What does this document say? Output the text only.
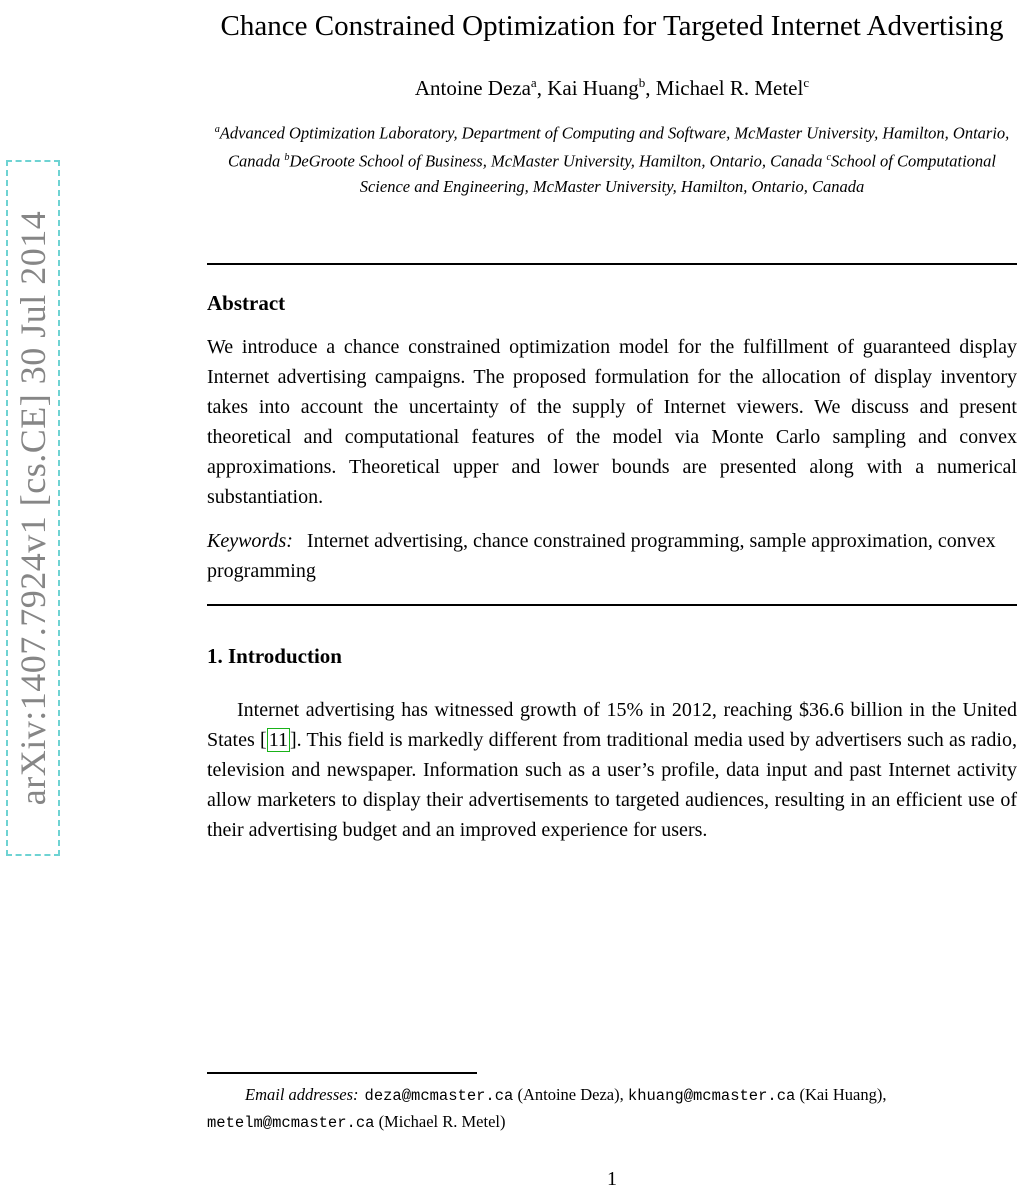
arXiv:1407.7924v1 [cs.CE] 30 Jul 2014
Chance Constrained Optimization for Targeted Internet Advertising
Antoine Deza$^a$, Kai Huang$^b$, Michael R. Metel$^c$
$^a$Advanced Optimization Laboratory, Department of Computing and Software, McMaster University, Hamilton, Ontario, Canada $^b$DeGroote School of Business, McMaster University, Hamilton, Ontario, Canada $^c$School of Computational Science and Engineering, McMaster University, Hamilton, Ontario, Canada
Abstract

We introduce a chance constrained optimization model for the fulfillment of guaranteed display Internet advertising campaigns. The proposed formulation for the allocation of display inventory takes into account the uncertainty of the supply of Internet viewers. We discuss and present theoretical and computational features of the model via Monte Carlo sampling and convex approximations. Theoretical upper and lower bounds are presented along with a numerical substantiation.

Keywords: Internet advertising, chance constrained programming, sample approximation, convex programming

1. Introduction

Internet advertising has witnessed growth of 15% in 2012, reaching $36.6 billion in the United States [ 11 ]. This field is markedly different from traditional media used by advertisers such as radio, television and newspaper. Information such as a user’s profile, data input and past Internet activity allow marketers to display their advertisements to targeted audiences, resulting in an efficient use of their advertising budget and an improved experience for users.

Email addresses: deza@mcmaster.ca (Antoine Deza), khuang@mcmaster.ca (Kai Huang), metelm@mcmaster.ca (Michael R. Metel)

1
